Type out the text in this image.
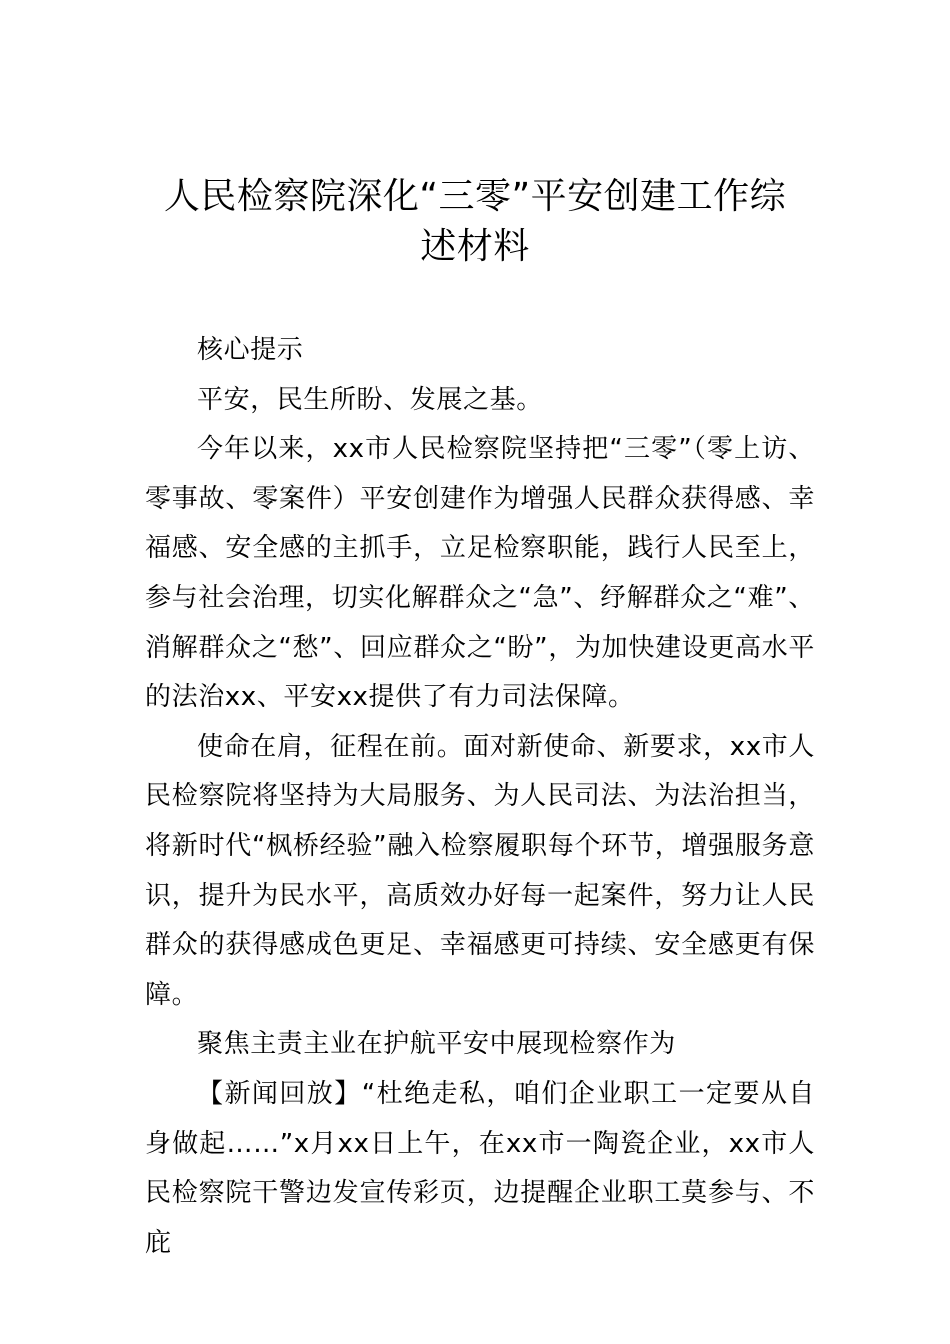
人民检察院深化“三零”平安创建工作综
述材料

核心提示

平安，民生所盼、发展之基。

今年以来，xx市人民检察院坚持把“三零”（零上访、零事故、零案件）平安创建作为增强人民群众获得感、幸福感、安全感的主抓手，立足检察职能，践行人民至上，参与社会治理，切实化解群众之“急”、纾解群众之“难”、消解群众之“愁”、回应群众之“盼”，为加快建设更高水平的法治xx、平安xx提供了有力司法保障。

使命在肩，征程在前。面对新使命、新要求，xx市人民检察院将坚持为大局服务、为人民司法、为法治担当，将新时代“枫桥经验”融入检察履职每个环节，增强服务意识，提升为民水平，高质效办好每一起案件，努力让人民群众的获得感成色更足、幸福感更可持续、安全感更有保障。

聚焦主责主业在护航平安中展现检察作为

【新闻回放】“杜绝走私，咱们企业职工一定要从自身做起……”x月xx日上午，在xx市一陶瓷企业，xx市人民检察院干警边发宣传彩页，边提醒企业职工莫参与、不庇
